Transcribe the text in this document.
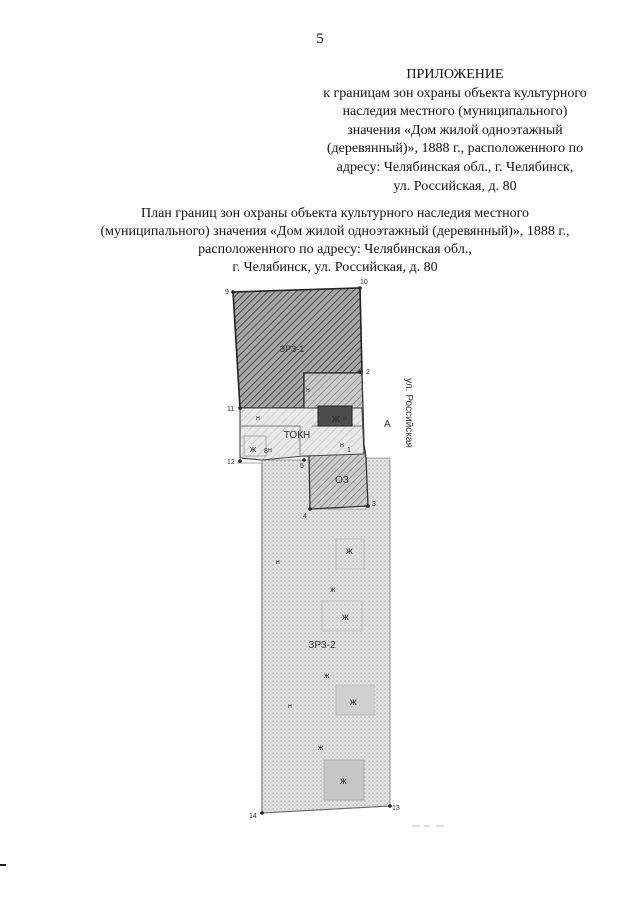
5
ПРИЛОЖЕНИЕ
к границам зон охраны объекта культурного
наследия местного (муниципального)
значения «Дом жилой одноэтажный
(деревянный)», 1888 г., расположенного по
адресу: Челябинская обл., г. Челябинск,
ул. Российская, д. 80
План границ зон охраны объекта культурного наследия местного
(муниципального) значения «Дом жилой одноэтажный (деревянный)», 1888 г.,
расположенного по адресу: Челябинская обл.,
г. Челябинск, ул. Российская, д. 80
ЗРЗ-1
ТОКН
ОЗ
ЗРЗ-2
ул. Российская
А
ж
ж
ж
ж
ж
ж
ж
ж
ж
н	н
н
н
н
н
н
1
2
3
4
5
8
9
10
11
12
13
14
